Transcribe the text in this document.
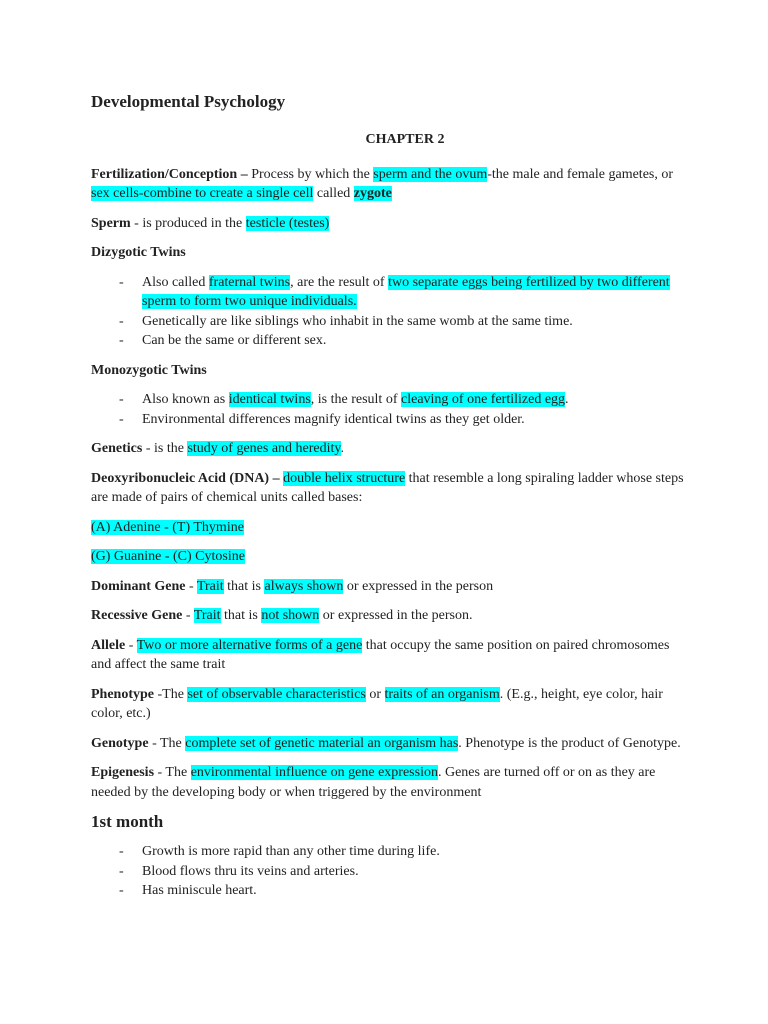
Developmental Psychology

CHAPTER 2

Fertilization/Conception – Process by which the sperm and the ovum-the male and female gametes, or sex cells-combine to create a single cell called zygote

Sperm - is produced in the testicle (testes)

Dizygotic Twins

- Also called fraternal twins, are the result of two separate eggs being fertilized by two different sperm to form two unique individuals.
- Genetically are like siblings who inhabit in the same womb at the same time.
- Can be the same or different sex.

Monozygotic Twins

- Also known as identical twins, is the result of cleaving of one fertilized egg.
- Environmental differences magnify identical twins as they get older.

Genetics - is the study of genes and heredity.

Deoxyribonucleic Acid (DNA) – double helix structure that resemble a long spiraling ladder whose steps are made of pairs of chemical units called bases:

(A) Adenine - (T) Thymine

(G) Guanine - (C) Cytosine

Dominant Gene - Trait that is always shown or expressed in the person

Recessive Gene - Trait that is not shown or expressed in the person.

Allele - Two or more alternative forms of a gene that occupy the same position on paired chromosomes and affect the same trait

Phenotype -The set of observable characteristics or traits of an organism. (E.g., height, eye color, hair color, etc.)

Genotype - The complete set of genetic material an organism has. Phenotype is the product of Genotype.

Epigenesis - The environmental influence on gene expression. Genes are turned off or on as they are needed by the developing body or when triggered by the environment

1st month
- Growth is more rapid than any other time during life.
- Blood flows thru its veins and arteries.
- Has miniscule heart.
